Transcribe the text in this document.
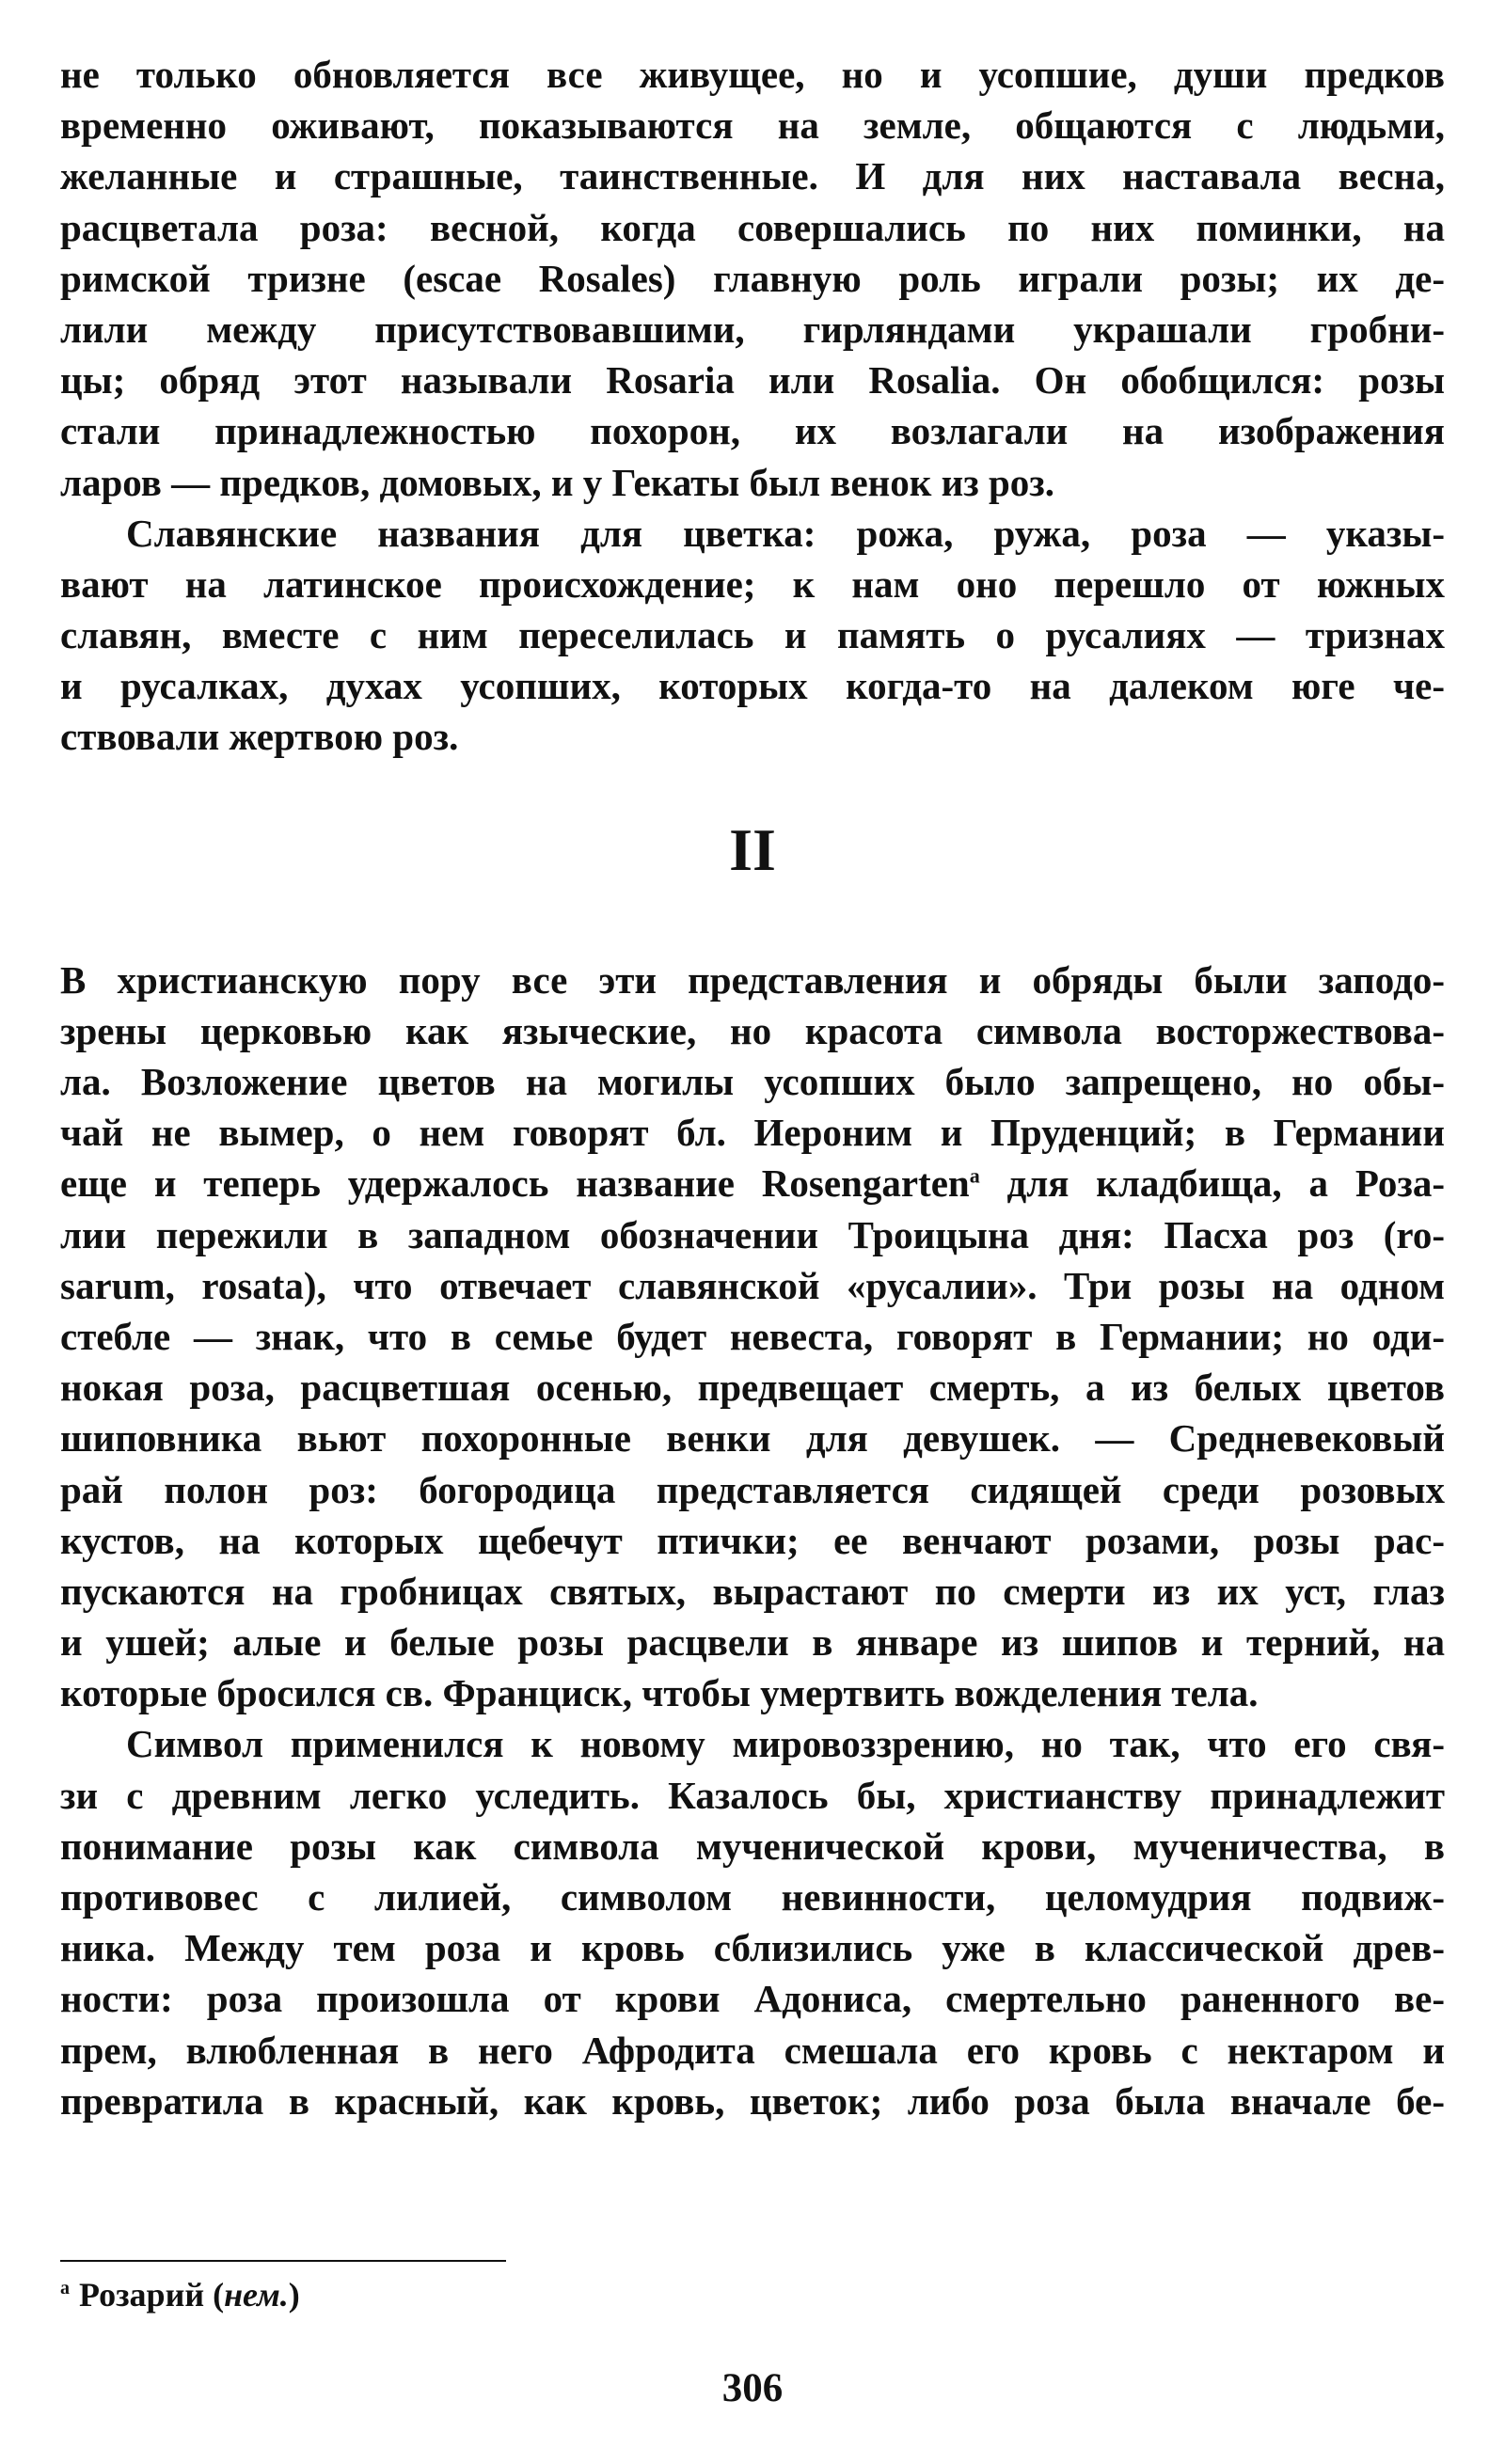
не только обновляется все живущее, но и усопшие, души предков
временно оживают, показываются на земле, общаются с людьми,
желанные и страшные, таинственные. И для них наставала весна,
расцветала роза: весной, когда совершались по них поминки, на
римской тризне (escae Rosales) главную роль играли розы; их де-
лили между присутствовавшими, гирляндами украшали гробни-
цы; обряд этот называли Rosaria или Rosalia. Он обобщился: розы
стали принадлежностью похорон, их возлагали на изображения
ларов — предков, домовых, и у Гекаты был венок из роз.
Славянские названия для цветка: рожа, ружа, роза — указы-
вают на латинское происхождение; к нам оно перешло от южных
славян, вместе с ним переселилась и память о русалиях — тризнах
и русалках, духах усопших, которых когда-то на далеком юге че-
ствовали жертвою роз.
II
В христианскую пору все эти представления и обряды были заподо-
зрены церковью как языческие, но красота символа восторжествова-
ла. Возложение цветов на могилы усопших было запрещено, но обы-
чай не вымер, о нем говорят бл. Иероним и Пруденций; в Германии
еще и теперь удержалось название Rosengarten$^a$ для кладбища, а Роза-
лии пережили в западном обозначении Троицына дня: Пасха роз (ro-
sarum, rosata), что отвечает славянской «русалии». Три розы на одном
стебле — знак, что в семье будет невеста, говорят в Германии; но оди-
нокая роза, расцветшая осенью, предвещает смерть, а из белых цветов
шиповника вьют похоронные венки для девушек. — Средневековый
рай полон роз: богородица представляется сидящей среди розовых
кустов, на которых щебечут птички; ее венчают розами, розы рас-
пускаются на гробницах святых, вырастают по смерти из их уст, глаз
и ушей; алые и белые розы расцвели в январе из шипов и терний, на
которые бросился св. Франциск, чтобы умертвить вожделения тела.
Символ применился к новому мировоззрению, но так, что его свя-
зи с древним легко уследить. Казалось бы, христианству принадлежит
понимание розы как символа мученической крови, мученичества, в
противовес с лилией, символом невинности, целомудрия подвиж-
ника. Между тем роза и кровь сблизились уже в классической древ-
ности: роза произошла от крови Адониса, смертельно раненного ве-
прем, влюбленная в него Афродита смешала его кровь с нектаром и
превратила в красный, как кровь, цветок; либо роза была вначале бе-
$^a$ Розарий (нем.)
306
